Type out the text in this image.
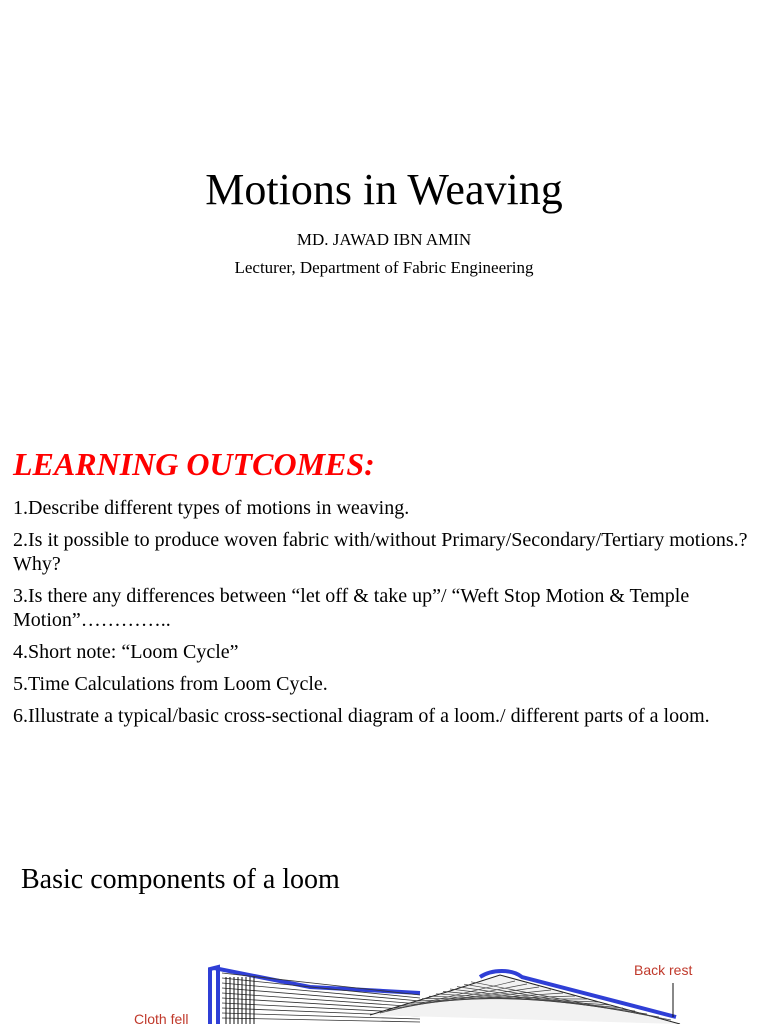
Motions in Weaving
MD. JAWAD IBN AMIN
Lecturer, Department of Fabric Engineering
LEARNING OUTCOMES:
1.Describe different types of motions in weaving.
2.Is it possible to produce woven fabric with/without Primary/Secondary/Tertiary motions.? Why?
3.Is there any differences between “let off & take up”/ “Weft Stop Motion & Temple Motion”…………..
4.Short note: “Loom Cycle”
5.Time Calculations from Loom Cycle.
6.Illustrate a typical/basic cross-sectional diagram of a loom./ different parts of a loom.
Basic components of a loom
Back rest
Cloth fell
